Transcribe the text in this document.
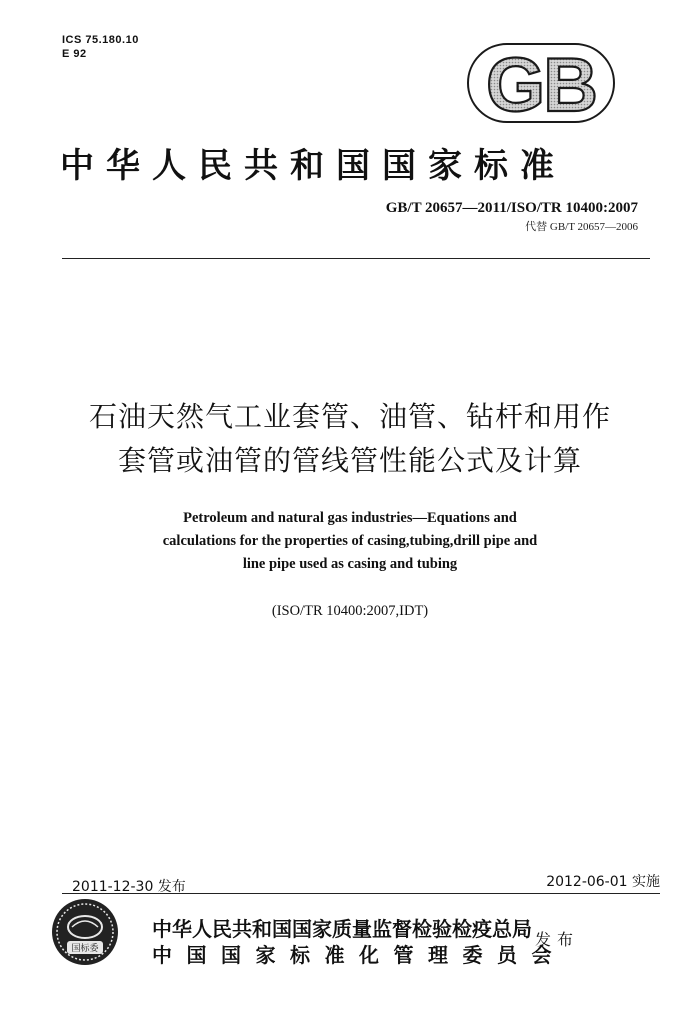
ICS 75.180.10
E 92	GB
中华人民共和国国家标准
GB/T 20657—2011/ISO/TR 10400:2007
代替 GB/T 20657—2006
石油天然气工业套管、油管、钻杆和用作
套管或油管的管线管性能公式及计算
Petroleum and natural gas industries—Equations and
calculations for the properties of casing,tubing,drill pipe and
line pipe used as casing and tubing
(ISO/TR 10400:2007,IDT)
2011-12-30 发布	2012-06-01 实施
国标委
中华人民共和国国家质量监督检验检疫总局
中国国家标准化管理委员会
发布
